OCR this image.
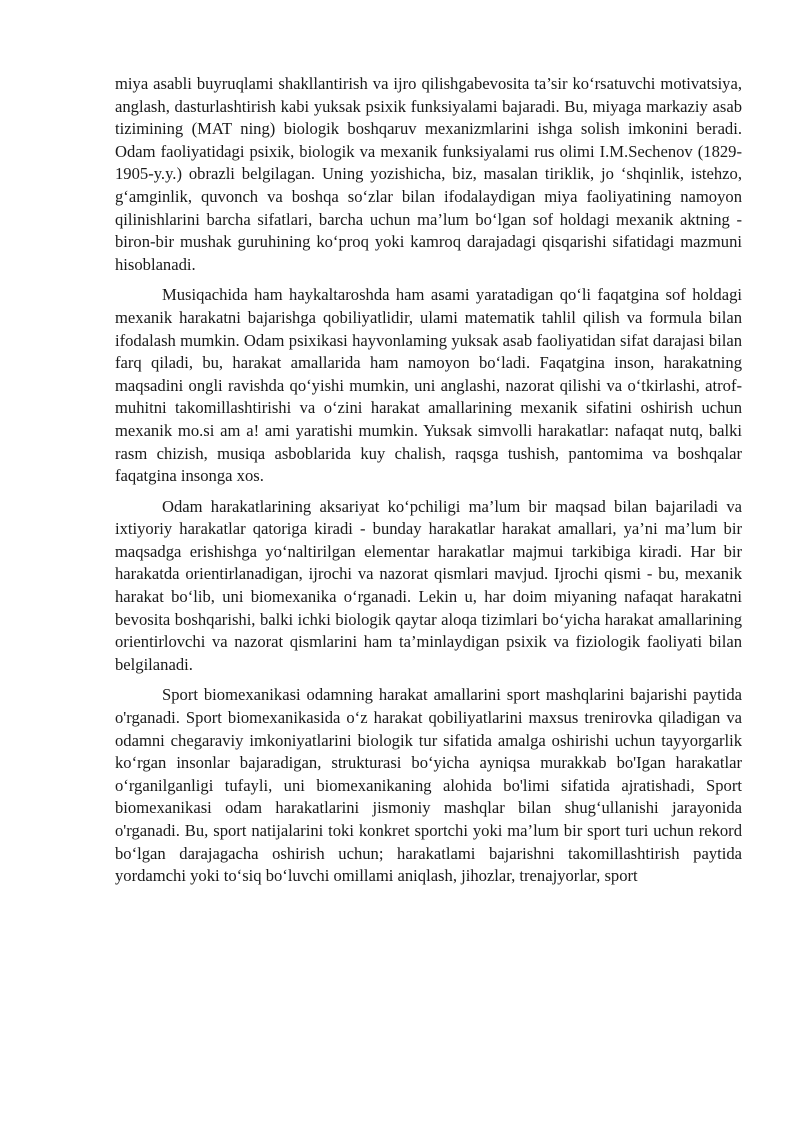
miya asabli buyruqlami shakllantirish va ijro qilishgabevosita ta’sir ko‘rsatuvchi motivatsiya, anglash, dasturlashtirish kabi yuksak psixik funksiyalami bajaradi. Bu, miyaga markaziy asab tizimining (MAT ning) biologik boshqaruv mexanizmlarini ishga solish imkonini beradi. Odam faoliyatidagi psixik, biologik va mexanik funksiyalami rus olimi I.M.Sechenov (1829-1905-y.y.) obrazli belgilagan. Uning yozishicha, biz, masalan tiriklik, jo ‘shqinlik, istehzo, g‘amginlik, quvonch va boshqa so‘zlar bilan ifodalaydigan miya faoliyatining namoyon qilinishlarini barcha sifatlari, barcha uchun ma’lum bo‘lgan sof holdagi mexanik aktning - biron-bir mushak guruhining ko‘proq yoki kamroq darajadagi qisqarishi sifatidagi mazmuni hisoblanadi.

Musiqachida ham haykaltaroshda ham asami yaratadigan qo‘li faqatgina sof holdagi mexanik harakatni bajarishga qobiliyatlidir, ulami matematik tahlil qilish va formula bilan ifodalash mumkin. Odam psixikasi hayvonlaming yuksak asab faoliyatidan sifat darajasi bilan farq qiladi, bu, harakat amallarida ham namoyon bo‘ladi. Faqatgina inson, harakatning maqsadini ongli ravishda qo‘yishi mumkin, uni anglashi, nazorat qilishi va o‘tkirlashi, atrof-muhitni takomillashtirishi va o‘zini harakat amallarining mexanik sifatini oshirish uchun mexanik mo.si am a! ami yaratishi mumkin. Yuksak simvolli harakatlar: nafaqat nutq, balki rasm chizish, musiqa asboblarida kuy chalish, raqsga tushish, pantomima va boshqalar faqatgina insonga xos.

Odam harakatlarining aksariyat ko‘pchiligi ma’lum bir maqsad bilan bajariladi va ixtiyoriy harakatlar qatoriga kiradi - bunday harakatlar harakat amallari, ya’ni ma’lum bir maqsadga erishishga yo‘naltirilgan elementar harakatlar majmui tarkibiga kiradi. Har bir harakatda orientirlanadigan, ijrochi va nazorat qismlari mavjud. Ijrochi qismi - bu, mexanik harakat bo‘lib, uni biomexanika o‘rganadi. Lekin u, har doim miyaning nafaqat harakatni bevosita boshqarishi, balki ichki biologik qaytar aloqa tizimlari bo‘yicha harakat amallarining orientirlovchi va nazorat qismlarini ham ta’minlaydigan psixik va fiziologik faoliyati bilan belgilanadi.

Sport biomexanikasi odamning harakat amallarini sport mashqlarini bajarishi paytida o'rganadi. Sport biomexanikasida o‘z harakat qobiliyatlarini maxsus trenirovka qiladigan va odamni chegaraviy imkoniyatlarini biologik tur sifatida amalga oshirishi uchun tayyorgarlik ko‘rgan insonlar bajaradigan, strukturasi bo‘yicha ayniqsa murakkab bo'Igan harakatlar o‘rganilganligi tufayli, uni biomexanikaning alohida bo'limi sifatida ajratishadi, Sport biomexanikasi odam harakatlarini jismoniy mashqlar bilan shug‘ullanishi jarayonida o'rganadi. Bu, sport natijalarini toki konkret sportchi yoki ma’lum bir sport turi uchun rekord bo‘lgan darajagacha oshirish uchun; harakatlami bajarishni takomillashtirish paytida yordamchi yoki to‘siq bo‘luvchi omillami aniqlash, jihozlar, trenajyorlar, sport
